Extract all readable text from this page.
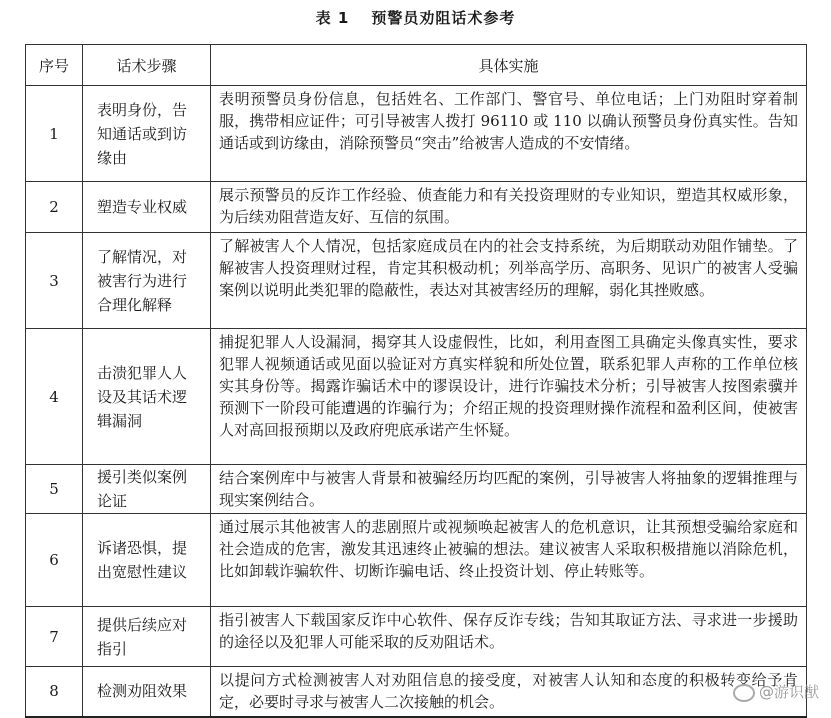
表 1 预警员劝阻话术参考
序号	话术步骤	具体实施
1	表明身份，告知通话或到访缘由	表明预警员身份信息，包括姓名、工作部门、警官号、单位电话；上门劝阻时穿着制服，携带相应证件；可引导被害人拨打 96110 或 110 以确认预警员身份真实性。告知通话或到访缘由，消除预警员“突击”给被害人造成的不安情绪。
2	塑造专业权威	展示预警员的反诈工作经验、侦查能力和有关投资理财的专业知识，塑造其权威形象，为后续劝阻营造友好、互信的氛围。
3	了解情况，对被害行为进行合理化解释	了解被害人个人情况，包括家庭成员在内的社会支持系统，为后期联动劝阻作铺垫。了解被害人投资理财过程，肯定其积极动机；列举高学历、高职务、见识广的被害人受骗案例以说明此类犯罪的隐蔽性，表达对其被害经历的理解，弱化其挫败感。
4	击溃犯罪人人设及其话术逻辑漏洞	捕捉犯罪人人设漏洞，揭穿其人设虚假性，比如，利用查图工具确定头像真实性，要求犯罪人视频通话或见面以验证对方真实样貌和所处位置，联系犯罪人声称的工作单位核实其身份等。揭露诈骗话术中的谬误设计，进行诈骗技术分析；引导被害人按图索骥并预测下一阶段可能遭遇的诈骗行为；介绍正规的投资理财操作流程和盈利区间，使被害人对高回报预期以及政府兜底承诺产生怀疑。
5	援引类似案例论证	结合案例库中与被害人背景和被骗经历均匹配的案例，引导被害人将抽象的逻辑推理与现实案例结合。
6	诉诸恐惧，提出宽慰性建议	通过展示其他被害人的悲剧照片或视频唤起被害人的危机意识，让其预想受骗给家庭和社会造成的危害，激发其迅速终止被骗的想法。建议被害人采取积极措施以消除危机，比如卸载诈骗软件、切断诈骗电话、终止投资计划、停止转账等。
7	提供后续应对指引	指引被害人下载国家反诈中心软件、保存反诈专线；告知其取证方法、寻求进一步援助的途径以及犯罪人可能采取的反劝阻话术。
8	检测劝阻效果	以提问方式检测被害人对劝阻信息的接受度，对被害人认知和态度的积极转变给予肯定，必要时寻求与被害人二次接触的机会。
@游识猷
